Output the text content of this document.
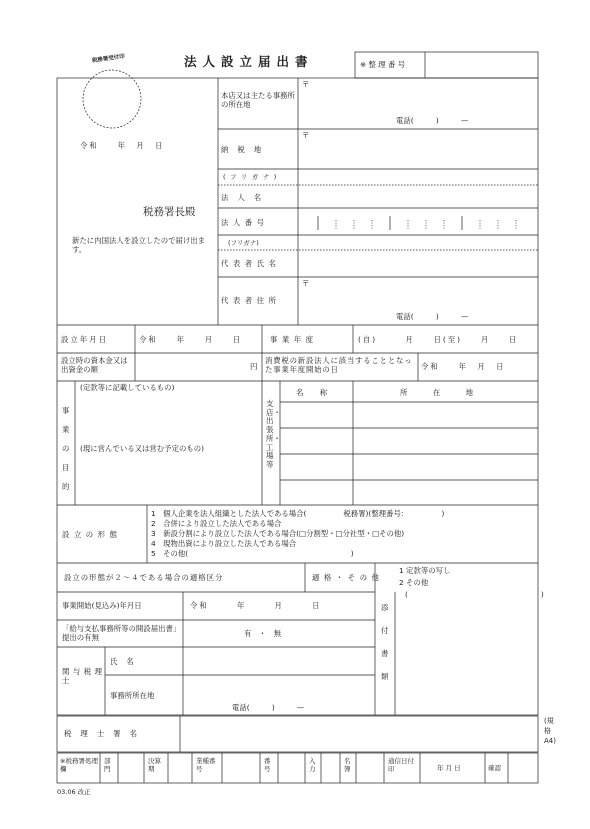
税務署受付印	法人設立届出書	※ 整 理 番 号
令和　　年　月　日
税務署長殿
新たに内国法人を設立したので届け出ます。
本店又は主たる事務所の所在地
〒
電話(　　　)　　　—
納税地
〒
(フリガナ)
法人名
法人番号
(フリガナ)
代表者氏名
代表者住所
〒
電話(　　　)　　　—
設立年月日	令和　　年　　月　　日	事業年度	(自)　　　月　　日(至)　　月　　日
設立時の資本金又は出資金の額	円
消費税の新設法人に該当することとなった事業年度開始の日	令和　　年　月　日
事業の目的
(定款等に記載しているもの)
(現に営んでいる又は営む予定のもの)
支店・出張所・工場等
名　称	所　在　地
設立の形態
1　個人企業を法人組織とした法人である場合(　　　　　税務署)(整理番号：　　　　　)
2　合併により設立した法人である場合
3　新設分割により設立した法人である場合(□分割型・□分社型・□その他)
4　現物出資により設立した法人である場合
5　その他(　　　　　　　　　　　　　　　　　　　　　　)
設立の形態が２～４である場合の適格区分	適格・その他
事業開始(見込み)年月日	令和　　　年　　　月　　　日
「給与支払事務所等の開設届出書」提出の有無	有　・　無
関与税理士
氏名
事務所所在地
電話(　　　)　　　—
添付書類
1 定款等の写し
2 その他
(　　　　　　　　　　　　　　　　　　)
税理士署名
※税務署処理欄
部門
決算期
業種番号
番号
入力
名簿
通信日付印	年 月 日	確認
(規格A4)
03.06 改正
